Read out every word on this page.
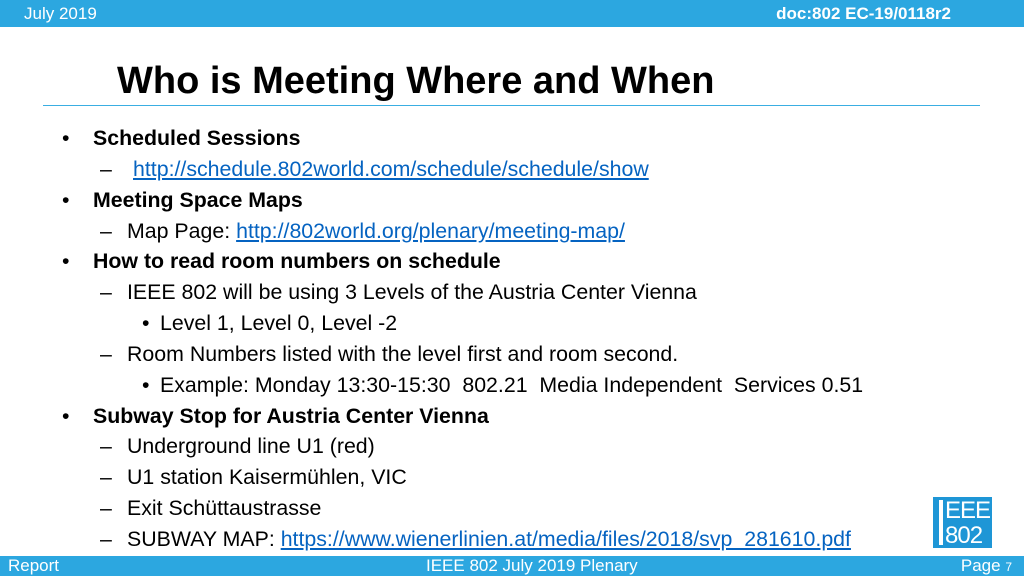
July 2019	doc:802 EC-19/0118r2
Who is Meeting Where and When
• Scheduled Sessions
– http://schedule.802world.com/schedule/schedule/show
• Meeting Space Maps
– Map Page: http://802world.org/plenary/meeting-map/
• How to read room numbers on schedule
– IEEE 802 will be using 3 Levels of the Austria Center Vienna
• Level 1, Level 0, Level -2
– Room Numbers listed with the level first and room second.
• Example: Monday 13:30-15:30  802.21  Media Independent  Services 0.51
• Subway Stop for Austria Center Vienna
– Underground line U1 (red)
– U1 station Kaisermühlen, VIC
– Exit Schüttaustrasse
– SUBWAY MAP: https://www.wienerlinien.at/media/files/2018/svp_281610.pdf
EEE
802
Report	IEEE 802 July 2019 Plenary	Page 7
